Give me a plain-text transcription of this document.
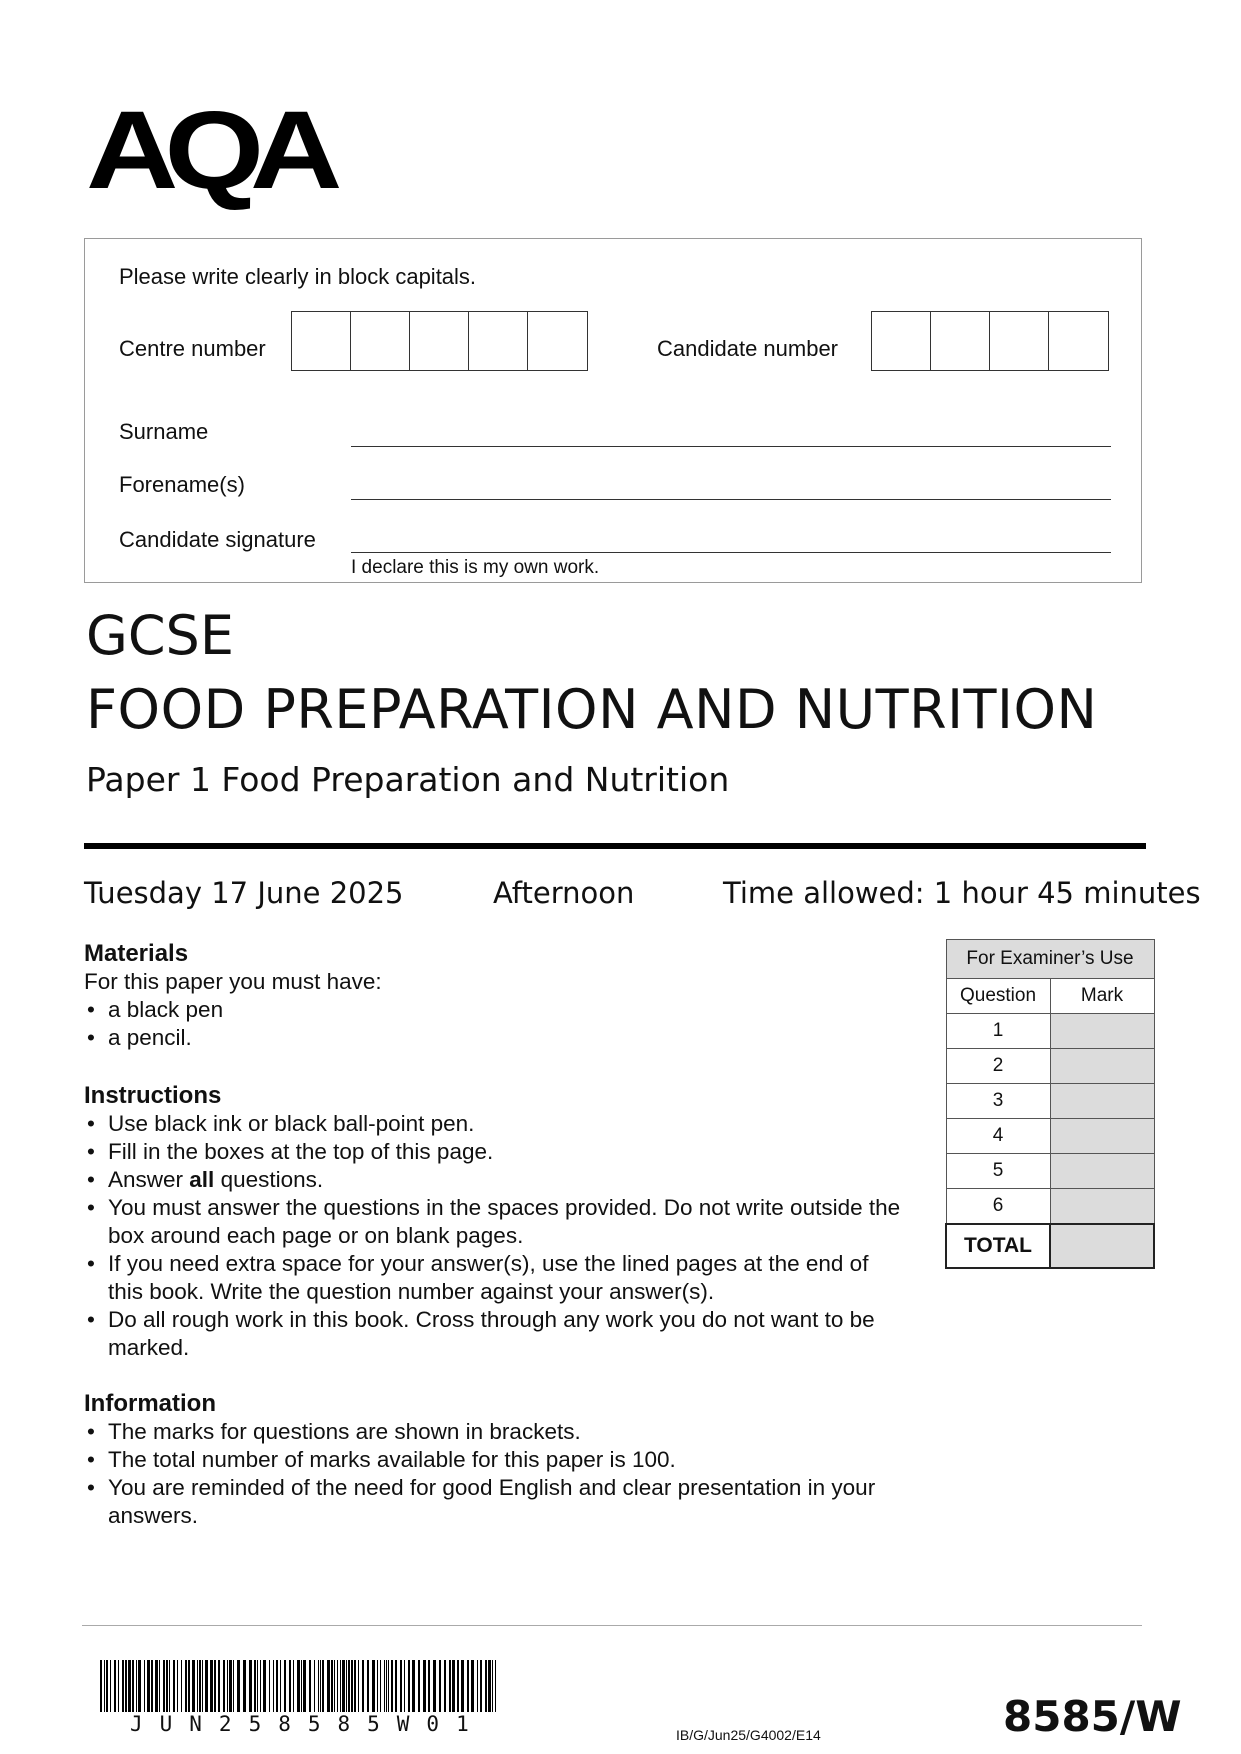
AQA
Please write clearly in block capitals.
Centre number	Candidate number
Surname
Forename(s)
Candidate signature
I declare this is my own work.
GCSE
FOOD PREPARATION AND NUTRITION
Paper 1 Food Preparation and Nutrition
Tuesday 17 June 2025	Afternoon	Time allowed: 1 hour 45 minutes
Materials
For this paper you must have:
• a black pen
• a pencil.
Instructions
• Use black ink or black ball-point pen.
• Fill in the boxes at the top of this page.
• Answer all questions.
• You must answer the questions in the spaces provided. Do not write outside the box around each page or on blank pages.
• If you need extra space for your answer(s), use the lined pages at the end of this book. Write the question number against your answer(s).
• Do all rough work in this book. Cross through any work you do not want to be marked.
Information
• The marks for questions are shown in brackets.
• The total number of marks available for this paper is 100.
• You are reminded of the need for good English and clear presentation in your answers.
For Examiner’s Use	
Question	Mark
1	
2	
3	
4	
5	
6	
TOTAL	
JUN258585W01	IB/G/Jun25/G4002/E14	8585/W
